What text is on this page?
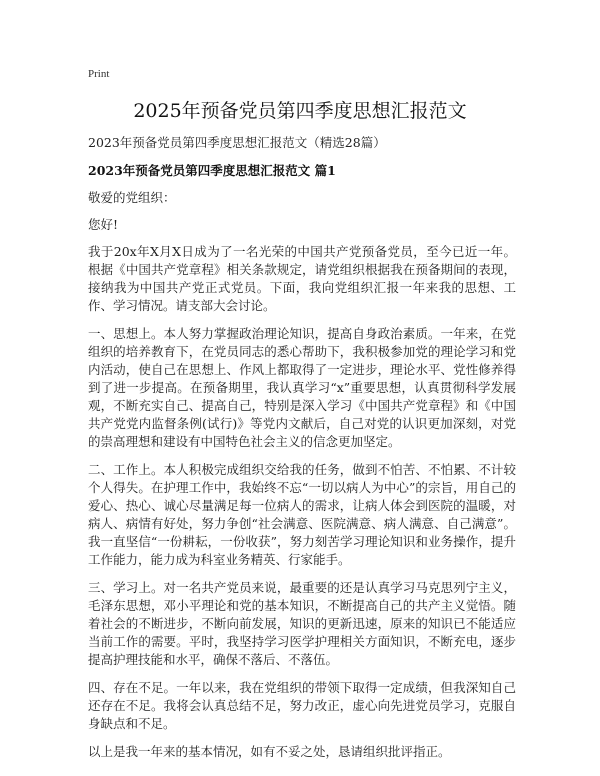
Print
2025年预备党员第四季度思想汇报范文

2023年预备党员第四季度思想汇报范文（精选28篇）

2023年预备党员第四季度思想汇报范文 篇1

敬爱的党组织：

您好!

我于20x年X月X日成为了一名光荣的中国共产党预备党员，至今已近一年。根据《中国共产党章程》相关条款规定，请党组织根据我在预备期间的表现，接纳我为中国共产党正式党员。下面，我向党组织汇报一年来我的思想、工作、学习情况。请支部大会讨论。

一、思想上。本人努力掌握政治理论知识，提高自身政治素质。一年来，在党组织的培养教育下，在党员同志的悉心帮助下，我积极参加党的理论学习和党内活动，使自己在思想上、作风上都取得了一定进步，理论水平、党性修养得到了进一步提高。在预备期里，我认真学习“x”重要思想，认真贯彻科学发展观，不断充实自己、提高自己，特别是深入学习《中国共产党章程》和《中国共产党党内监督条例(试行)》等党内文献后，自己对党的认识更加深刻，对党的崇高理想和建设有中国特色社会主义的信念更加坚定。

二、工作上。本人积极完成组织交给我的任务，做到不怕苦、不怕累、不计较个人得失。在护理工作中，我始终不忘“一切以病人为中心”的宗旨，用自己的爱心、热心、诚心尽量满足每一位病人的需求，让病人体会到医院的温暖，对病人、病情有好处，努力争创“社会满意、医院满意、病人满意、自己满意”。我一直坚信“一份耕耘，一份收获”，努力刻苦学习理论知识和业务操作，提升工作能力，能力成为科室业务精英、行家能手。

三、学习上。对一名共产党员来说，最重要的还是认真学习马克思列宁主义，毛泽东思想，邓小平理论和党的基本知识，不断提高自己的共产主义觉悟。随着社会的不断进步，不断向前发展，知识的更新迅速，原来的知识已不能适应当前工作的需要。平时，我坚持学习医学护理相关方面知识，不断充电，逐步提高护理技能和水平，确保不落后、不落伍。

四、存在不足。一年以来，我在党组织的带领下取得一定成绩，但我深知自己还存在不足。我将会认真总结不足，努力改正，虚心向先进党员学习，克服自身缺点和不足。

以上是我一年来的基本情况，如有不妥之处，恳请组织批评指正。
